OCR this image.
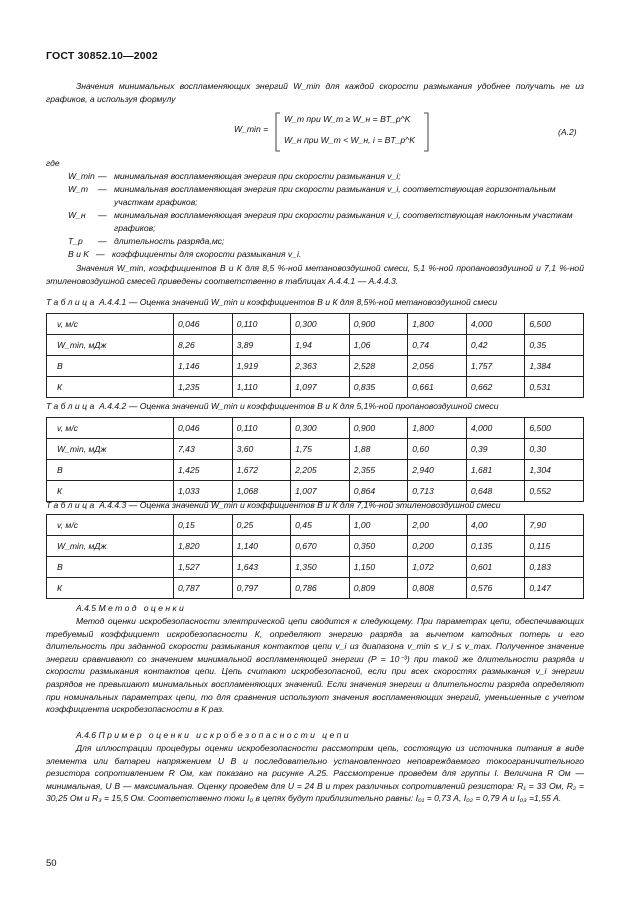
ГОСТ 30852.10—2002
Значения минимальных воспламеняющих энергий W_min для каждой скорости размыкания удобнее получать не из графиков, а используя формулу
W_min =
W_т при W_т ≥ W_н = BT_р^K
W_н при W_т < W_н, i = BT_р^K
(А.2)
где
W_min — минимальная воспламеняющая энергия при скорости размыкания v_i;
W_т — минимальная воспламеняющая энергия при скорости размыкания v_i, соответствующая горизонтальным участкам графиков;
W_н — минимальная воспламеняющая энергия при скорости размыкания v_i, соответствующая наклонным участкам графиков;
T_р — длительность разряда,мс;
B и K — коэффициенты для скорости размыкания v_i.
Значения W_min, коэффициентов В и К для 8,5 %-ной метановоздушной смеси, 5,1 %-ной пропановоздушной и 7,1 %-ной этиленовоздушной смесей приведены соответственно в таблицах А.4.4.1 — А.4.4.3.
Таблица А.4.4.1 — Оценка значений W_min и коэффициентов В и К для 8,5%-ной метановоздушной смеси
v, м/с	0,046	0,110	0,300	0,900	1,800	4,000	6,500
W_min, мДж	8,26	3,89	1,94	1,06	0,74	0,42	0,35
В	1,146	1,919	2,363	2,528	2,056	1,757	1,384
К	1,235	1,110	1,097	0,835	0,661	0,662	0,531
Таблица А.4.4.2 — Оценка значений W_min и коэффициентов В и К для 5,1%-ной пропановоздушной смеси
v, м/с	0,046	0,110	0,300	0,900	1,800	4,000	6,500
W_min, мДж	7,43	3,60	1,75	1,88	0,60	0,39	0,30
В	1,425	1,672	2,205	2,355	2,940	1,681	1,304
К	1,033	1,068	1,007	0,864	0,713	0,648	0,552
Таблица А.4.4.3 — Оценка значений W_min и коэффициентов В и К для 7,1%-ной этиленовоздушной смеси
v, м/с	0,15	0,25	0,45	1,00	2,00	4,00	7,90
W_min, мДж	1,820	1,140	0,670	0,350	0,200	0,135	0,115
В	1,527	1,643	1,350	1,150	1,072	0,601	0,183
К	0,787	0,797	0,786	0,809	0,808	0,576	0,147
А.4.5 Метод оценки
Метод оценки искробезопасности электрической цепи сводится к следующему. При параметрах цепи, обеспечивающих требуемый коэффициент искробезопасности К, определяют энергию разряда за вычетом катодных потерь и его длительность при заданной скорости размыкания контактов цепи v_i из диапазона v_min ≤ v_i ≤ v_max. Полученное значение энергии сравнивают со значением минимальной воспламеняющей энергии (P = 10⁻³) при такой же длительности разряда и скорости размыкания контактов цепи. Цепь считают искробезопасной, если при всех скоростях размыкания v_i энергии разрядов не превышают минимальных воспламеняющих значений. Если значения энергии и длительности разряда определяют при номинальных параметрах цепи, то для сравнения используют значения воспламеняющих энергий, уменьшенные с учетом коэффициента искробезопасности в К раз.
А.4.6 Пример оценки искробезопасности цепи
Для иллюстрации процедуры оценки искробезопасности рассмотрим цепь, состоящую из источника питания в виде элемента или батареи напряжением U В и последовательно установленного неповреждаемого токоограничительного резистора сопротивлением R Ом, как показано на рисунке А.25. Рассмотрение проведем для группы I. Величина R Ом — минимальная, U В — максимальная. Оценку проведем для U = 24 В и трех различных сопротивлений резистора: R₁ = 33 Ом, R₂ = 30,25 Ом и R₃ = 15,5 Ом. Соответственно токи I₀ в цепях будут приблизительно равны: I₀₁ = 0,73 А, I₀₂ = 0,79 А и I₀₃ =1,55 А.
50
